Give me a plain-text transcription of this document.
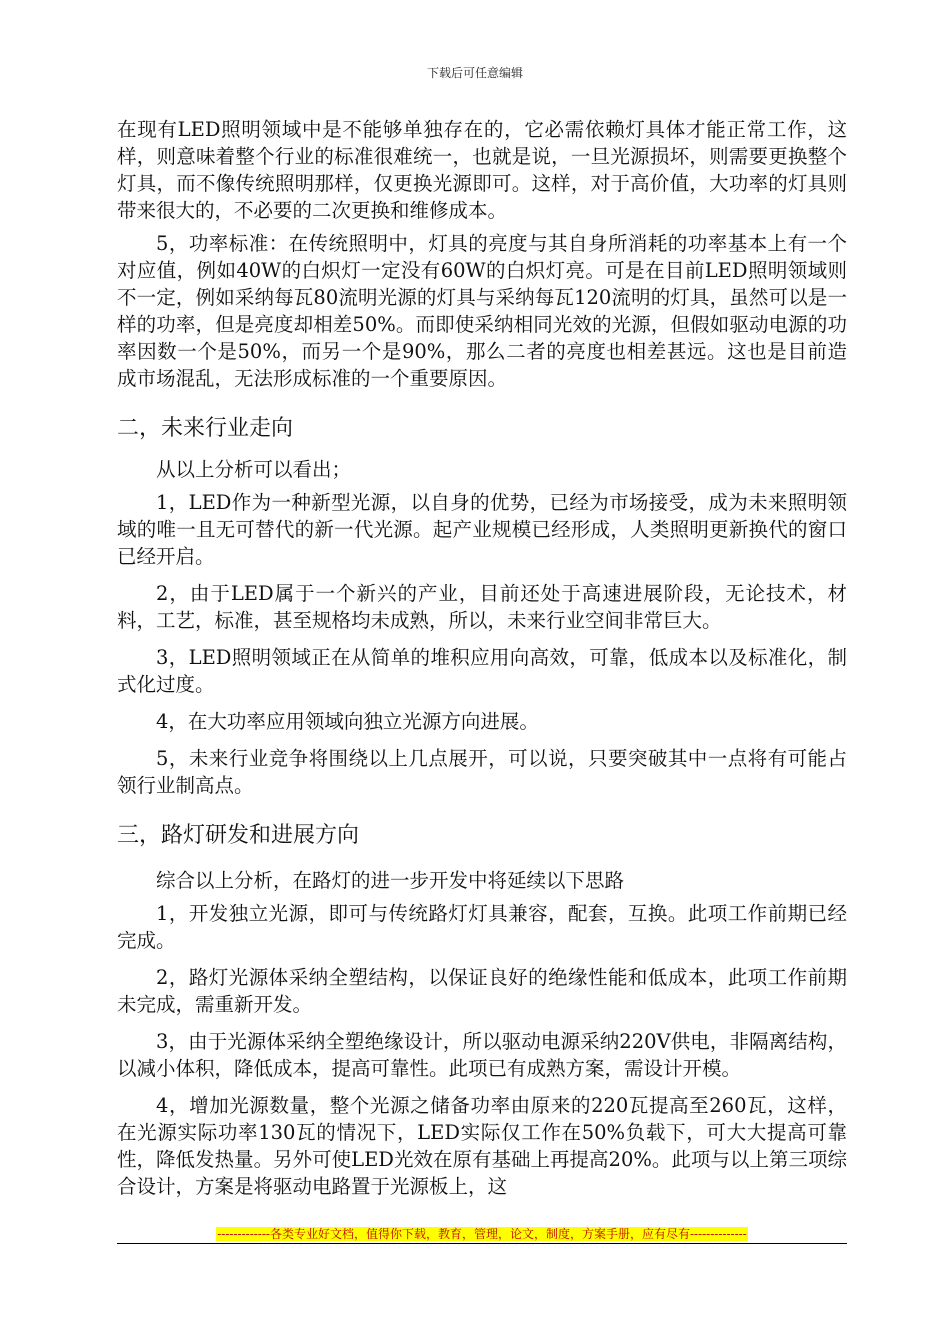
下载后可任意编辑

在现有LED照明领域中是不能够单独存在的，它必需依赖灯具体才能正常工作，这样，则意味着整个行业的标准很难统一，也就是说，一旦光源损坏，则需要更换整个灯具，而不像传统照明那样，仅更换光源即可。这样，对于高价值，大功率的灯具则带来很大的，不必要的二次更换和维修成本。

5，功率标准：在传统照明中，灯具的亮度与其自身所消耗的功率基本上有一个对应值，例如40W的白炽灯一定没有60W的白炽灯亮。可是在目前LED照明领域则不一定，例如采纳每瓦80流明光源的灯具与采纳每瓦120流明的灯具，虽然可以是一样的功率，但是亮度却相差50%。而即使采纳相同光效的光源，但假如驱动电源的功率因数一个是50%，而另一个是90%，那么二者的亮度也相差甚远。这也是目前造成市场混乱，无法形成标准的一个重要原因。

二，未来行业走向

从以上分析可以看出；

1，LED作为一种新型光源，以自身的优势，已经为市场接受，成为未来照明领域的唯一且无可替代的新一代光源。起产业规模已经形成，人类照明更新换代的窗口已经开启。

2，由于LED属于一个新兴的产业，目前还处于高速进展阶段，无论技术，材料，工艺，标准，甚至规格均未成熟，所以，未来行业空间非常巨大。

3，LED照明领域正在从简单的堆积应用向高效，可靠，低成本以及标准化，制式化过度。

4，在大功率应用领域向独立光源方向进展。

5，未来行业竞争将围绕以上几点展开，可以说，只要突破其中一点将有可能占领行业制高点。

三，路灯研发和进展方向

综合以上分析，在路灯的进一步开发中将延续以下思路

1，开发独立光源，即可与传统路灯灯具兼容，配套，互换。此项工作前期已经完成。

2，路灯光源体采纳全塑结构，以保证良好的绝缘性能和低成本，此项工作前期未完成，需重新开发。

3，由于光源体采纳全塑绝缘设计，所以驱动电源采纳220V供电，非隔离结构，以减小体积，降低成本，提高可靠性。此项已有成熟方案，需设计开模。

4，增加光源数量，整个光源之储备功率由原来的220瓦提高至260瓦，这样，在光源实际功率130瓦的情况下，LED实际仅工作在50%负载下，可大大提高可靠性，降低发热量。另外可使LED光效在原有基础上再提高20%。此项与以上第三项综合设计，方案是将驱动电路置于光源板上，这

-------------各类专业好文档，值得你下载，教育，管理，论文，制度，方案手册，应有尽有--------------
